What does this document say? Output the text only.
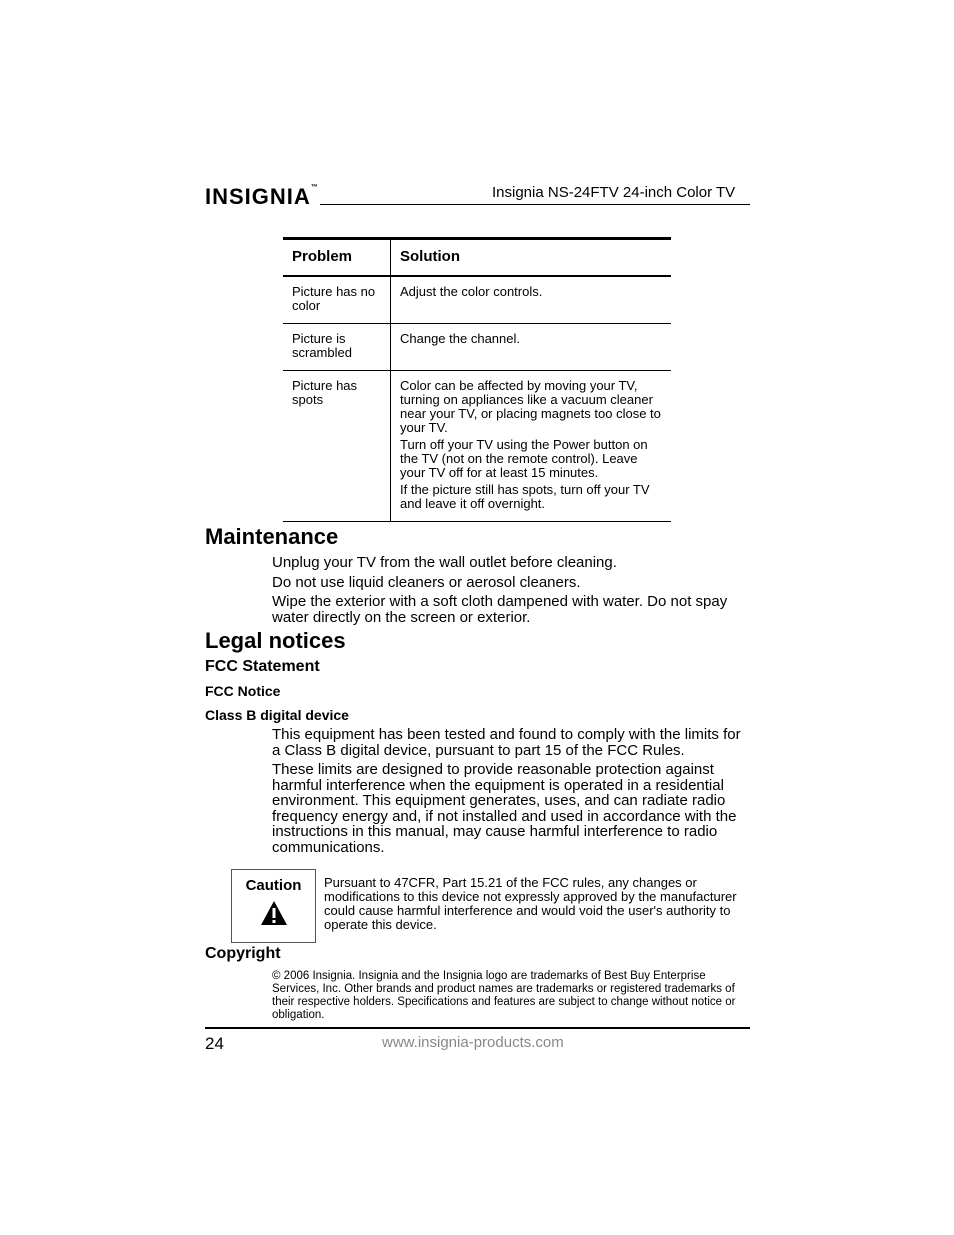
INSIGNIA™	Insignia NS-24FTV 24-inch Color TV
Problem	Solution
Picture has no color	Adjust the color controls.

Picture is scrambled	Change the channel.

Picture has spots	Color can be affected by moving your TV, turning on appliances like a vacuum cleaner near your TV, or placing magnets too close to your TV.

Turn off your TV using the Power button on the TV (not on the remote control). Leave your TV off for at least 15 minutes.

If the picture still has spots, turn off your TV and leave it off overnight.

Maintenance

Unplug your TV from the wall outlet before cleaning.

Do not use liquid cleaners or aerosol cleaners.

Wipe the exterior with a soft cloth dampened with water. Do not spay water directly on the screen or exterior.

Legal notices
FCC Statement
FCC Notice
Class B digital device

This equipment has been tested and found to comply with the limits for a Class B digital device, pursuant to part 15 of the FCC Rules.

These limits are designed to provide reasonable protection against harmful interference when the equipment is operated in a residential environment. This equipment generates, uses, and can radiate radio frequency energy and, if not installed and used in accordance with the instructions in this manual, may cause harmful interference to radio communications.

Caution	Pursuant to 47CFR, Part 15.21 of the FCC rules, any changes or modifications to this device not expressly approved by the manufacturer could cause harmful interference and would void the user's authority to operate this device.
Copyright
© 2006 Insignia. Insignia and the Insignia logo are trademarks of Best Buy Enterprise Services, Inc. Other brands and product names are trademarks or registered trademarks of their respective holders. Specifications and features are subject to change without notice or obligation.
24	www.insignia-products.com
